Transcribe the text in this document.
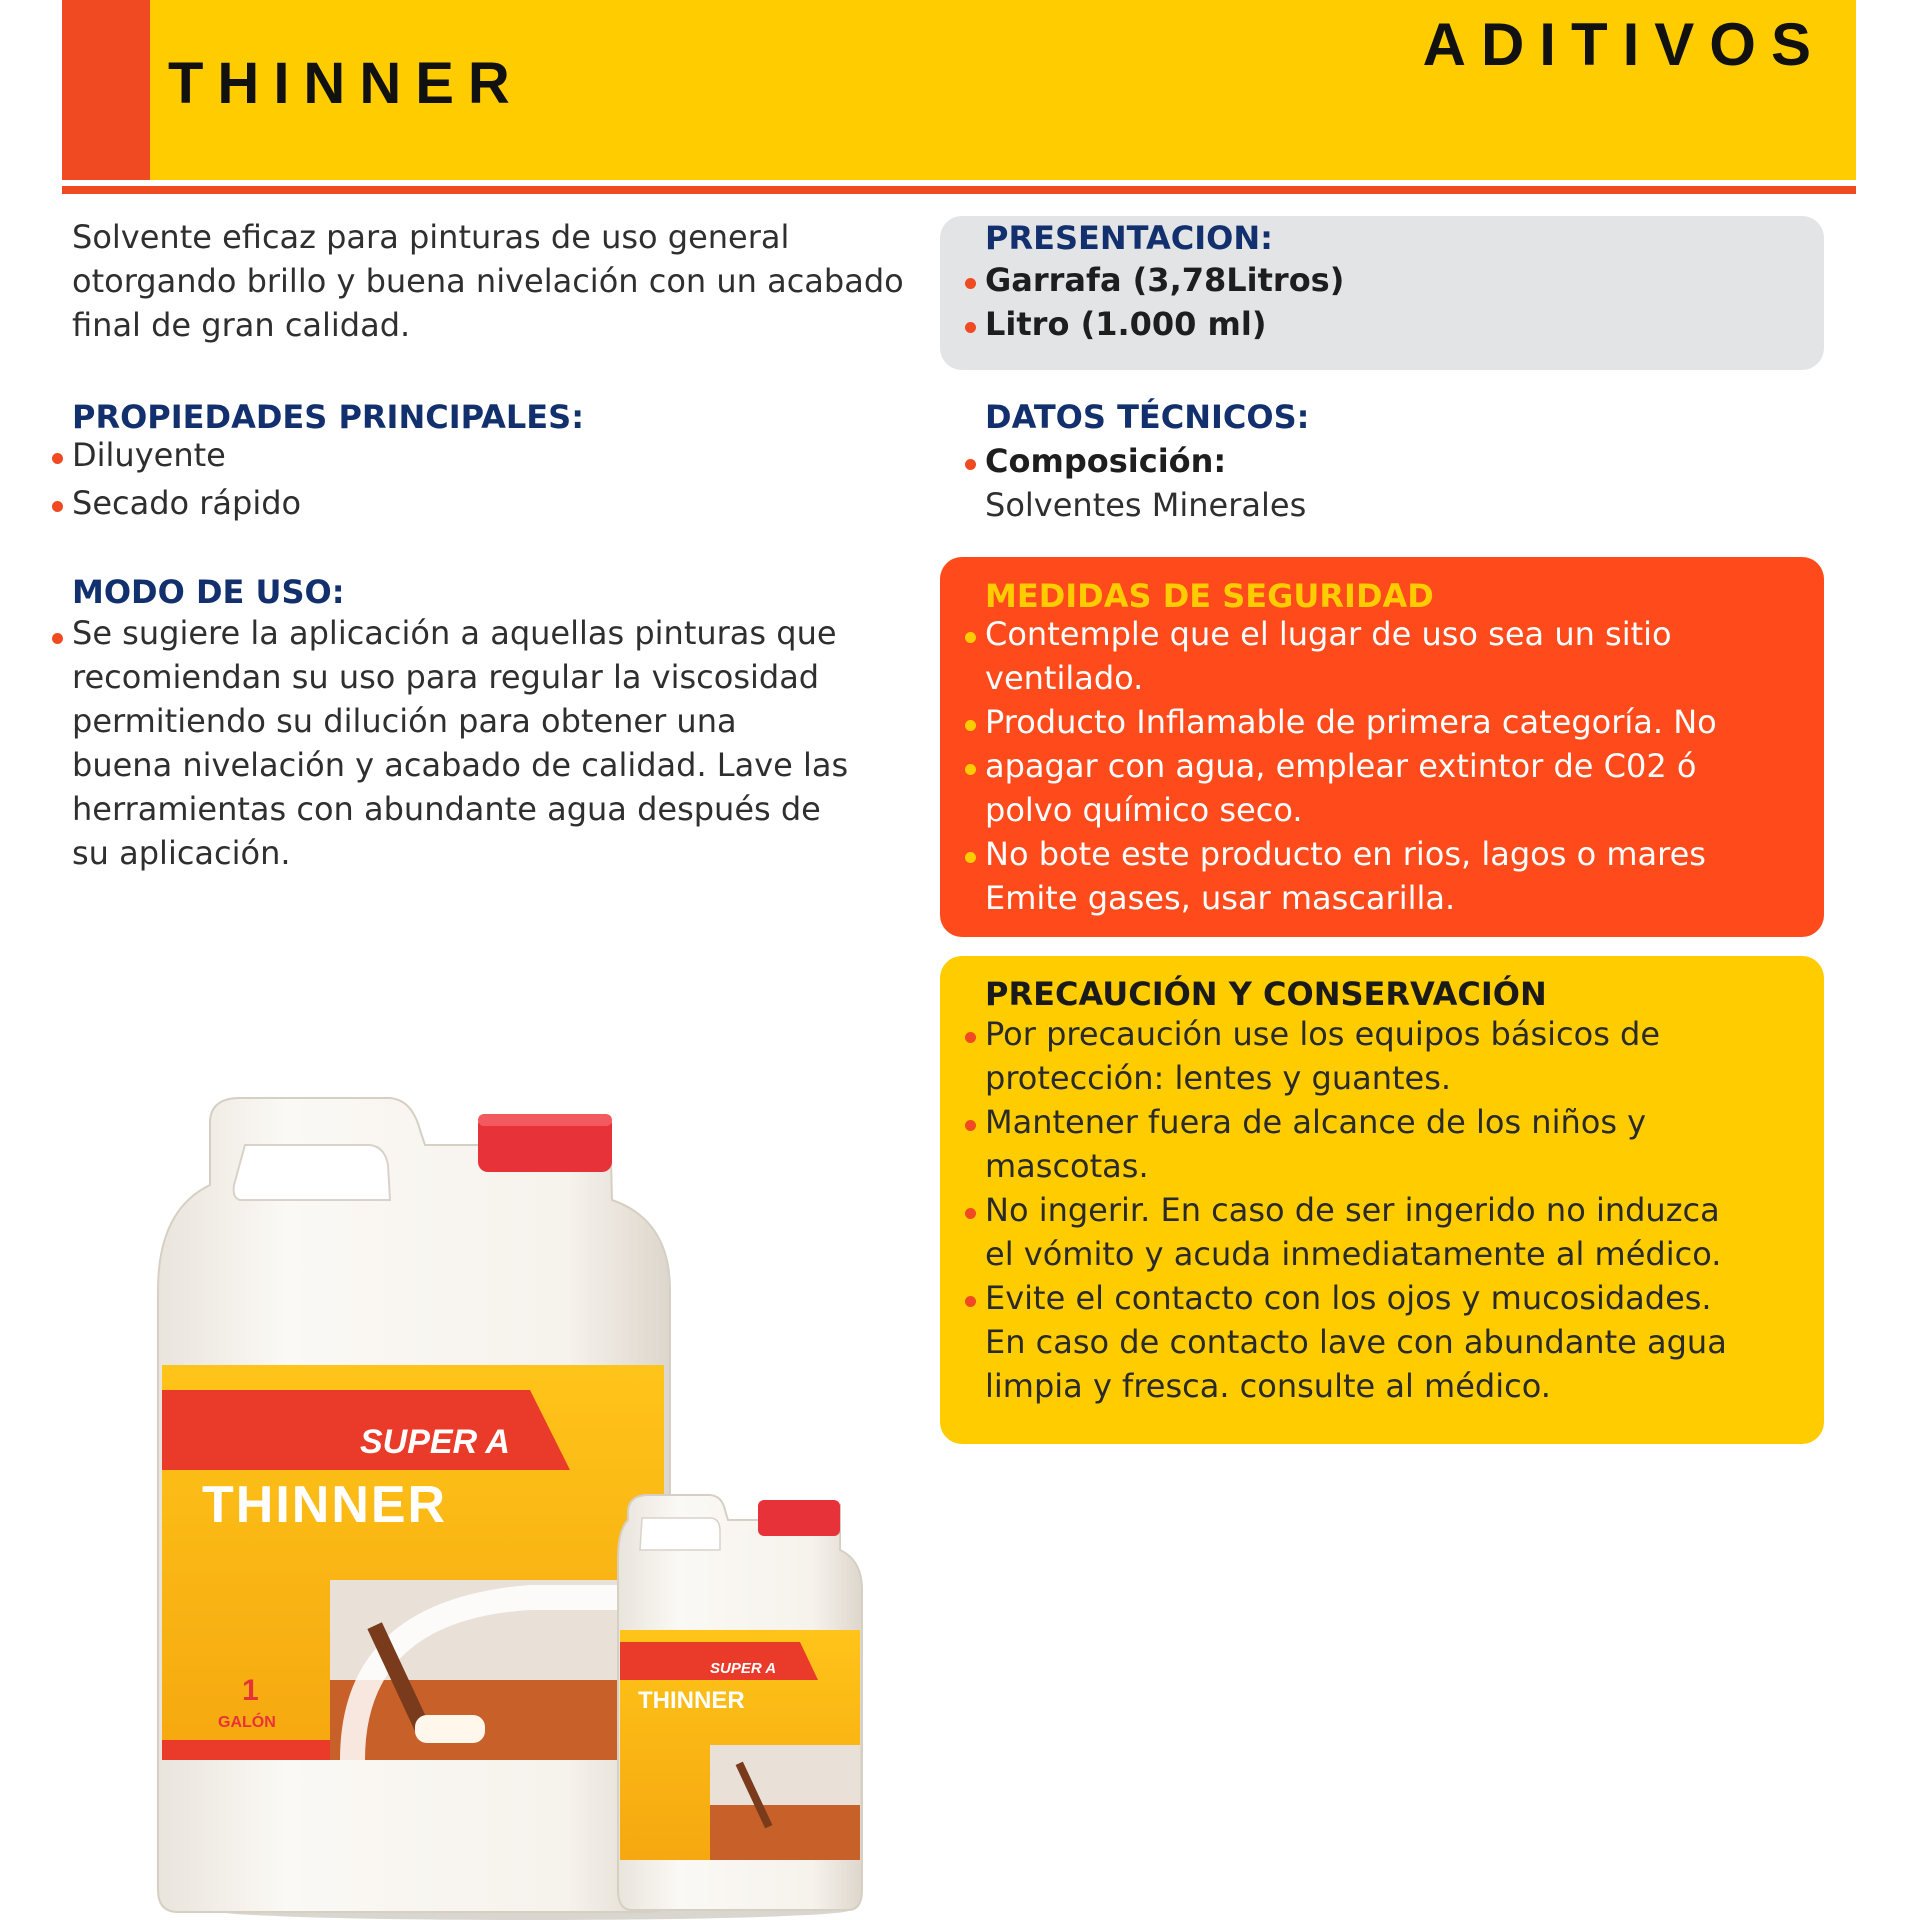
THINNER
ADITIVOS
Solvente eficaz para pinturas de uso general
otorgando brillo y buena nivelación con un acabado
final de gran calidad.
PROPIEDADES PRINCIPALES:
Diluyente
Secado rápido
MODO DE USO:
Se sugiere la aplicación a aquellas pinturas que
recomiendan su uso para regular la viscosidad
permitiendo su dilución para obtener una
buena nivelación y acabado de calidad. Lave las
herramientas con abundante agua después de
su aplicación.
PRESENTACION:
Garrafa (3,78Litros)
Litro (1.000 ml)
DATOS TÉCNICOS:
Composición:
Solventes Minerales
MEDIDAS DE SEGURIDAD
Contemple que el lugar de uso sea un sitio
ventilado.
Producto Inflamable de primera categoría. No
apagar con agua, emplear extintor de C02 ó
polvo químico seco.
No bote este producto en rios, lagos o mares
Emite gases, usar mascarilla.
PRECAUCIÓN Y CONSERVACIÓN
Por precaución use los equipos básicos de
protección: lentes y guantes.
Mantener fuera de alcance de los niños y
mascotas.
No ingerir. En caso de ser ingerido no induzca
el vómito y acuda inmediatamente al médico.
Evite el contacto con los ojos y mucosidades.
En caso de contacto lave con abundante agua
limpia y fresca. consulte al médico.
SUPER A
THINNER
1
GALÓN
SUPER A
THINNER
